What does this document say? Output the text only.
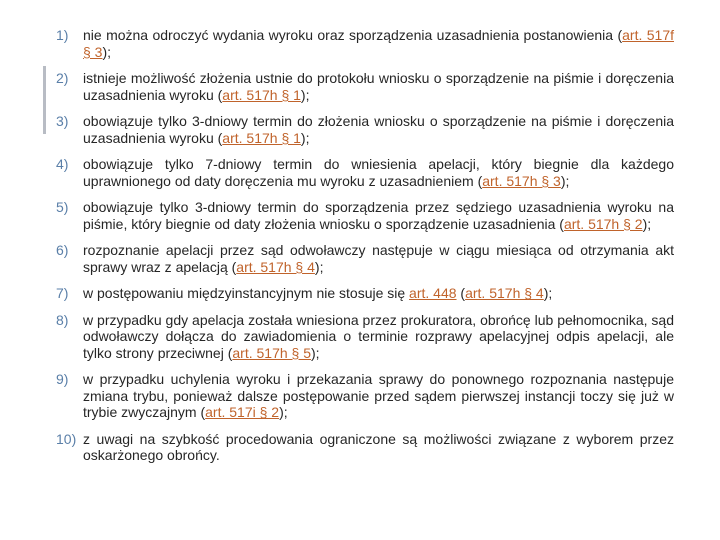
1)	nie można odroczyć wydania wyroku oraz sporządzenia uzasadnienia postanowienia (art. 517f § 3);
2)	istnieje możliwość złożenia ustnie do protokołu wniosku o sporządzenie na piśmie i doręczenia uzasadnienia wyroku (art. 517h § 1);
3)	obowiązuje tylko 3-dniowy termin do złożenia wniosku o sporządzenie na piśmie i doręczenia uzasadnienia wyroku (art. 517h § 1);
4)	obowiązuje tylko 7-dniowy termin do wniesienia apelacji, który biegnie dla każdego uprawnionego od daty doręczenia mu wyroku z uzasadnieniem (art. 517h § 3);
5)	obowiązuje tylko 3-dniowy termin do sporządzenia przez sędziego uzasadnienia wyroku na piśmie, który biegnie od daty złożenia wniosku o sporządzenie uzasadnienia (art. 517h § 2);
6)	rozpoznanie apelacji przez sąd odwoławczy następuje w ciągu miesiąca od otrzymania akt sprawy wraz z apelacją (art. 517h § 4);
7)	w postępowaniu międzyinstancyjnym nie stosuje się art. 448 (art. 517h § 4);
8)	w przypadku gdy apelacja została wniesiona przez prokuratora, obrońcę lub pełnomocnika, sąd odwoławczy dołącza do zawiadomienia o terminie rozprawy apelacyjnej odpis apelacji, ale tylko strony przeciwnej (art. 517h § 5);
9)	w przypadku uchylenia wyroku i przekazania sprawy do ponownego rozpoznania następuje zmiana trybu, ponieważ dalsze postępowanie przed sądem pierwszej instancji toczy się już w trybie zwyczajnym (art. 517i § 2);
10) z uwagi na szybkość procedowania ograniczone są możliwości związane z wyborem przez oskarżonego obrońcy.
